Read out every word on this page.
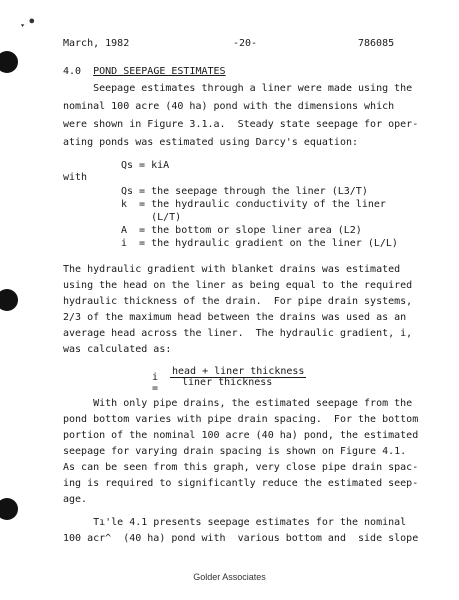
▸ ●
March, 1982	-20-	786085
4.0 POND SEEPAGE ESTIMATES
Seepage estimates through a liner were made using the
nominal 100 acre (40 ha) pond with the dimensions which
were shown in Figure 3.1.a.  Steady state seepage for oper-
ating ponds was estimated using Darcy's equation:
Qs = kiA
with
Qs = the seepage through the liner (L3/T)
k  = the hydraulic conductivity of the liner
(L/T)
A  = the bottom or slope liner area (L2)
i  = the hydraulic gradient on the liner (L/L)
The hydraulic gradient with blanket drains was estimated
using the head on the liner as being equal to the required
hydraulic thickness of the drain.  For pipe drain systems,
2/3 of the maximum head between the drains was used as an
average head across the liner.  The hydraulic gradient, i,
was calculated as:
i =
head + liner thickness
liner thickness
With only pipe drains, the estimated seepage from the
pond bottom varies with pipe drain spacing.  For the bottom
portion of the nominal 100 acre (40 ha) pond, the estimated
seepage for varying drain spacing is shown on Figure 4.1.
As can be seen from this graph, very close pipe drain spac-
ing is required to significantly reduce the estimated seep-
age.
Tı'le 4.1 presents seepage estimates for the nominal
100 acr^  (40 ha) pond with  various bottom and  side slope
Golder Associates
